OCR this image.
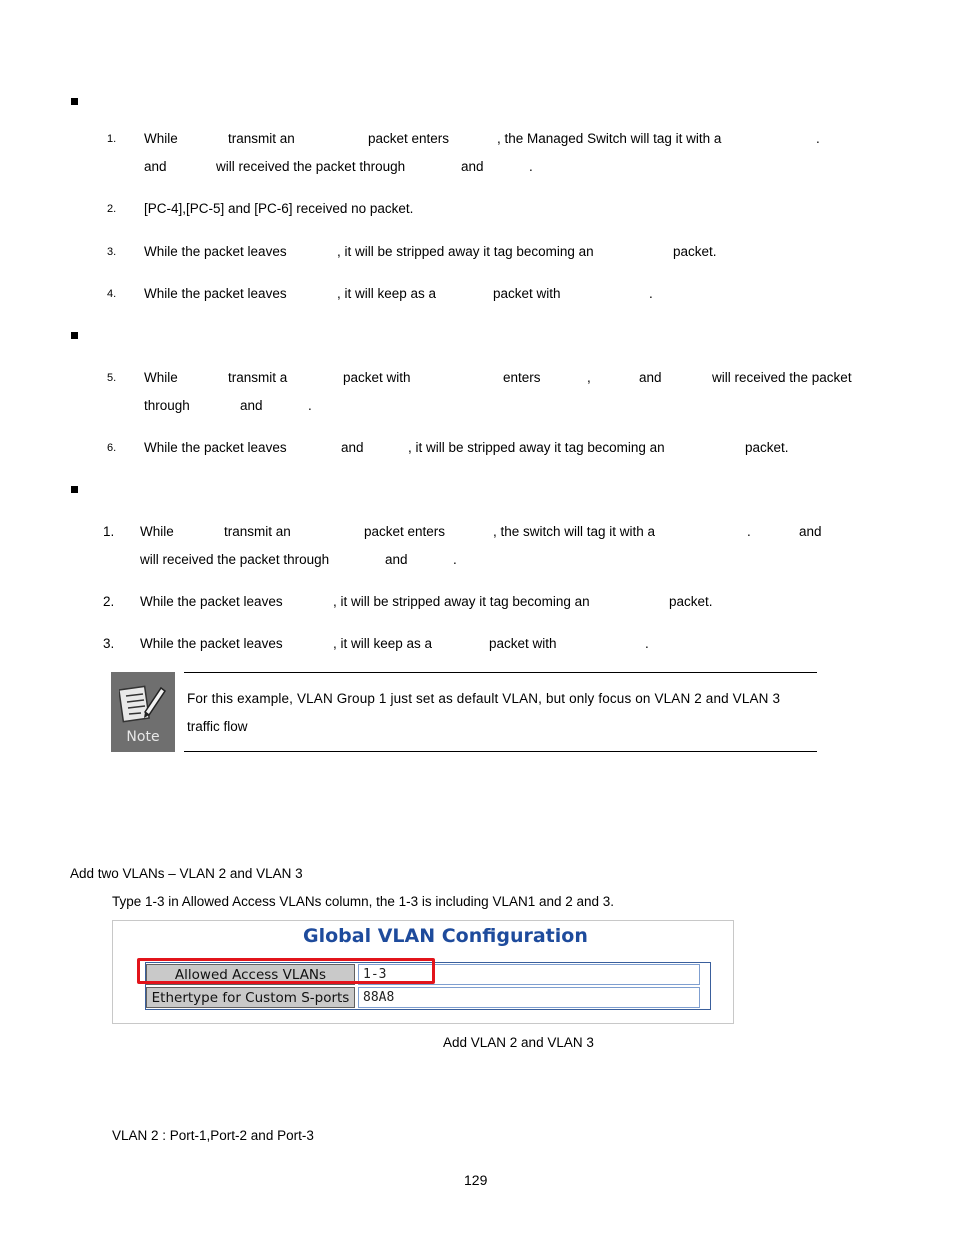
1. While	transmit an	packet enters	, the Managed Switch will tag it with a	.
and	will received the packet through	and	.
2. [PC-4],[PC-5] and [PC-6] received no packet.
3. While the packet leaves	, it will be stripped away it tag becoming an	packet.
4. While the packet leaves	, it will keep as a	packet with	.
5. While	transmit a	packet with	enters	,	and	will received the packet
through	and	.
6. While the packet leaves	and	, it will be stripped away it tag becoming an	packet.
1. While	transmit an	packet enters	, the switch will tag it with a	.	and
will received the packet through	and	.
2. While the packet leaves	, it will be stripped away it tag becoming an	packet.
3. While the packet leaves	, it will keep as a	packet with	.
Note
For this example, VLAN Group 1 just set as default VLAN, but only focus on VLAN 2 and VLAN 3
traffic flow
Add two VLANs – VLAN 2 and VLAN 3
Type 1-3 in Allowed Access VLANs column, the 1-3 is including VLAN1 and 2 and 3.
Global VLAN Configuration
Allowed Access VLANs	1-3
Ethertype for Custom S-ports	88A8
Add VLAN 2 and VLAN 3
VLAN 2 : Port-1,Port-2 and Port-3
129
